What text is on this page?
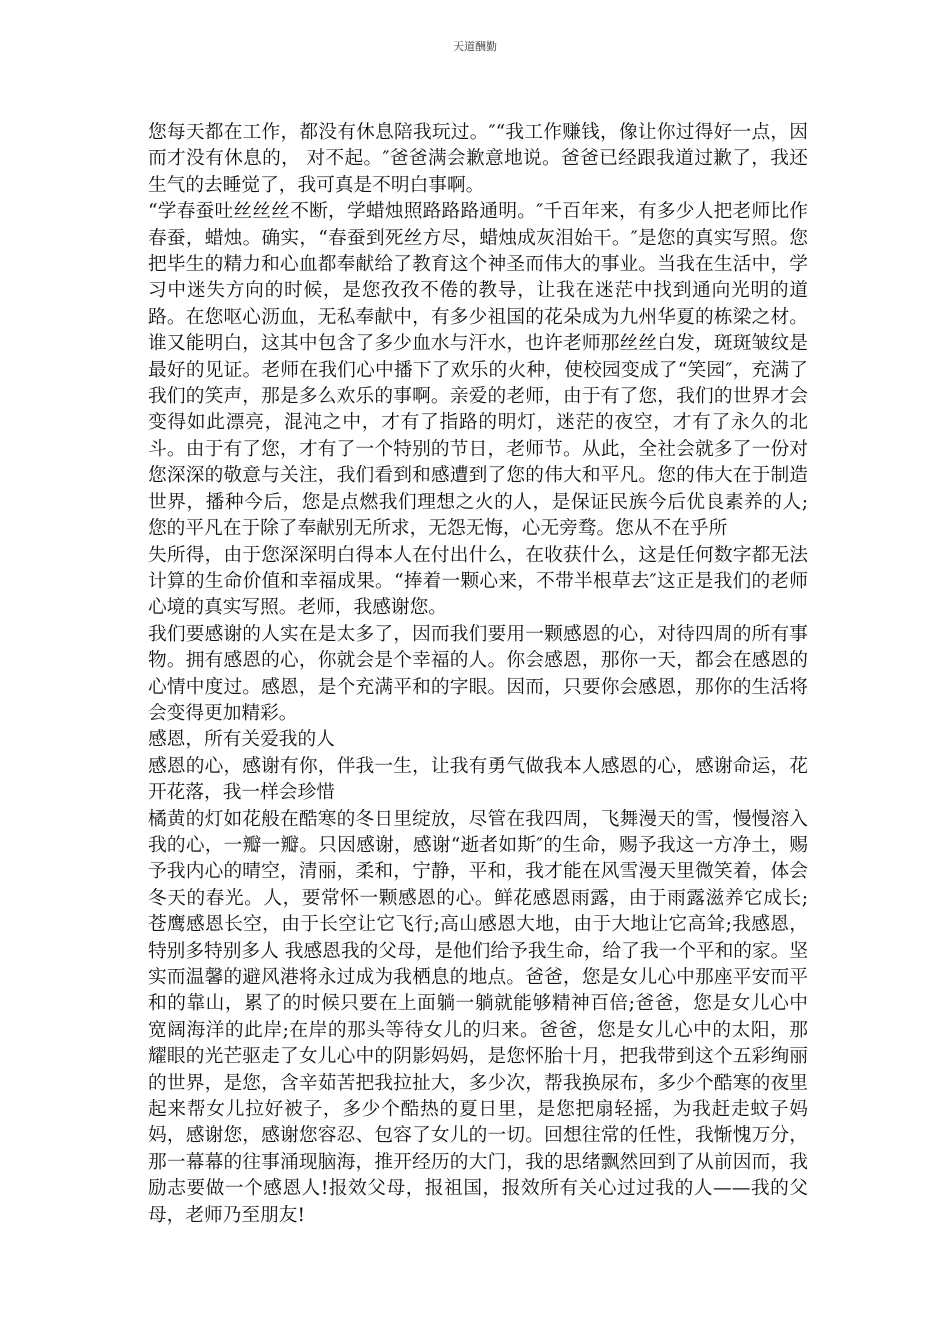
天道酬勤

您每天都在工作，都没有休息陪我玩过。″“我工作赚钱，像让你过得好一点，因而才没有休息的， 对不起。″爸爸满会歉意地说。爸爸已经跟我道过歉了，我还生气的去睡觉了，我可真是不明白事啊。

“学春蚕吐丝丝丝不断，学蜡烛照路路路通明。″千百年来，有多少人把老师比作春蚕，蜡烛。确实，“春蚕到死丝方尽，蜡烛成灰泪始干。″是您的真实写照。您把毕生的精力和心血都奉献给了教育这个神圣而伟大的事业。当我在生活中，学习中迷失方向的时候，是您孜孜不倦的教导，让我在迷茫中找到通向光明的道路。在您呕心沥血，无私奉献中，有多少祖国的花朵成为九州华夏的栋梁之材。谁又能明白，这其中包含了多少血水与汗水，也许老师那丝丝白发，斑斑皱纹是最好的见证。老师在我们心中播下了欢乐的火种，使校园变成了“笑园″，充满了我们的笑声，那是多么欢乐的事啊。亲爱的老师，由于有了您，我们的世界才会变得如此漂亮，混沌之中，才有了指路的明灯，迷茫的夜空，才有了永久的北斗。由于有了您，才有了一个特别的节日，老师节。从此，全社会就多了一份对您深深的敬意与关注，我们看到和感遭到了您的伟大和平凡。您的伟大在于制造世界，播种今后，您是点燃我们理想之火的人，是保证民族今后优良素养的人;您的平凡在于除了奉献别无所求，无怨无悔，心无旁骛。您从不在乎所

失所得，由于您深深明白得本人在付出什么，在收获什么，这是任何数字都无法计算的生命价值和幸福成果。“捧着一颗心来，不带半根草去″这正是我们的老师心境的真实写照。老师，我感谢您。

我们要感谢的人实在是太多了，因而我们要用一颗感恩的心，对待四周的所有事物。拥有感恩的心，你就会是个幸福的人。你会感恩，那你一天，都会在感恩的心情中度过。感恩，是个充满平和的字眼。因而，只要你会感恩，那你的生活将会变得更加精彩。

感恩，所有关爱我的人

感恩的心，感谢有你，伴我一生，让我有勇气做我本人感恩的心，感谢命运，花开花落，我一样会珍惜

橘黄的灯如花般在酷寒的冬日里绽放，尽管在我四周，飞舞漫天的雪，慢慢溶入我的心，一瓣一瓣。只因感谢，感谢“逝者如斯″的生命，赐予我这一方净土，赐予我内心的晴空，清丽，柔和，宁静，平和，我才能在风雪漫天里微笑着，体会冬天的春光。人，要常怀一颗感恩的心。鲜花感恩雨露，由于雨露滋养它成长;苍鹰感恩长空，由于长空让它飞行;高山感恩大地，由于大地让它高耸;我感恩，特别多特别多人 我感恩我的父母，是他们给予我生命，给了我一个平和的家。坚实而温馨的避风港将永过成为我栖息的地点。爸爸，您是女儿心中那座平安而平和的靠山，累了的时候只要在上面躺一躺就能够精神百倍;爸爸，您是女儿心中宽阔海洋的此岸;在岸的那头等待女儿的归来。爸爸，您是女儿心中的太阳，那耀眼的光芒驱走了女儿心中的阴影妈妈，是您怀胎十月，把我带到这个五彩绚丽的世界，是您，含辛茹苦把我拉扯大，多少次，帮我换尿布，多少个酷寒的夜里起来帮女儿拉好被子，多少个酷热的夏日里，是您把扇轻摇，为我赶走蚊子妈妈，感谢您，感谢您容忍、包容了女儿的一切。回想往常的任性，我惭愧万分，那一幕幕的往事涌现脑海，推开经历的大门，我的思绪飘然回到了从前因而，我励志要做一个感恩人!报效父母，报祖国，报效所有关心过过我的人——我的父母，老师乃至朋友!
